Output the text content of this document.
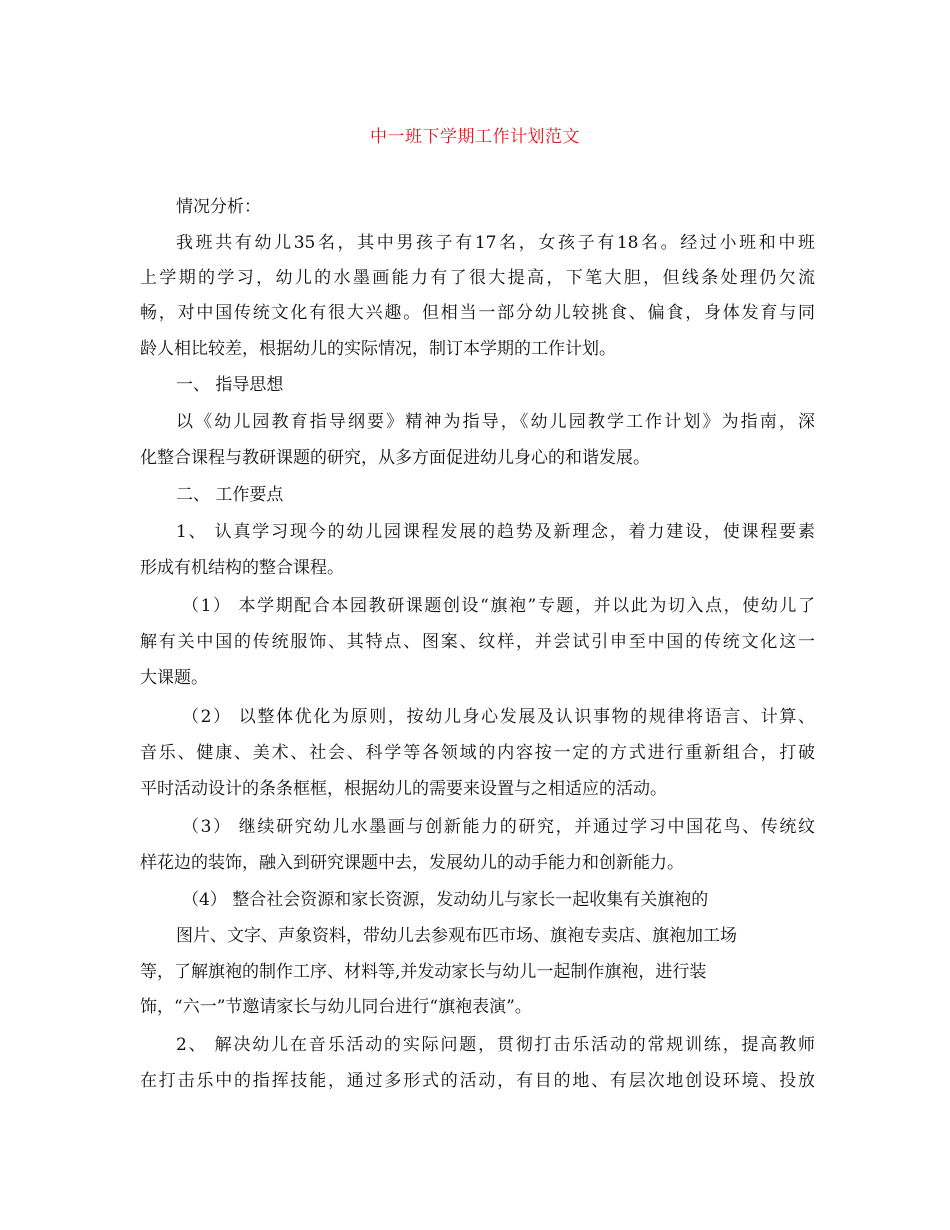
中一班下学期工作计划范文
情况分析：
我班共有幼儿35名，其中男孩子有17名，女孩子有18名。经过小班和中班
上学期的学习，幼儿的水墨画能力有了很大提高，下笔大胆，但线条处理仍欠流
畅，对中国传统文化有很大兴趣。但相当一部分幼儿较挑食、偏食，身体发育与同
龄人相比较差，根据幼儿的实际情况，制订本学期的工作计划。
一、 指导思想
以《幼儿园教育指导纲要》精神为指导，《幼儿园教学工作计划》为指南，深
化整合课程与教研课题的研究，从多方面促进幼儿身心的和谐发展。
二、 工作要点
1、 认真学习现今的幼儿园课程发展的趋势及新理念，着力建设，使课程要素
形成有机结构的整合课程。
（1） 本学期配合本园教研课题创设“旗袍”专题，并以此为切入点，使幼儿了
解有关中国的传统服饰、其特点、图案、纹样，并尝试引申至中国的传统文化这一
大课题。
（2） 以整体优化为原则，按幼儿身心发展及认识事物的规律将语言、计算、
音乐、健康、美术、社会、科学等各领域的内容按一定的方式进行重新组合，打破
平时活动设计的条条框框，根据幼儿的需要来设置与之相适应的活动。
（3） 继续研究幼儿水墨画与创新能力的研究，并通过学习中国花鸟、传统纹
样花边的装饰，融入到研究课题中去，发展幼儿的动手能力和创新能力。
（4） 整合社会资源和家长资源，发动幼儿与家长一起收集有关旗袍的
图片、文字、声象资料，带幼儿去参观布匹市场、旗袍专卖店、旗袍加工场
等，了解旗袍的制作工序、材料等,并发动家长与幼儿一起制作旗袍，进行装
饰，“六一”节邀请家长与幼儿同台进行“旗袍表演”。
2、 解决幼儿在音乐活动的实际问题，贯彻打击乐活动的常规训练，提高教师
在打击乐中的指挥技能，通过多形式的活动，有目的地、有层次地创设环境、投放
